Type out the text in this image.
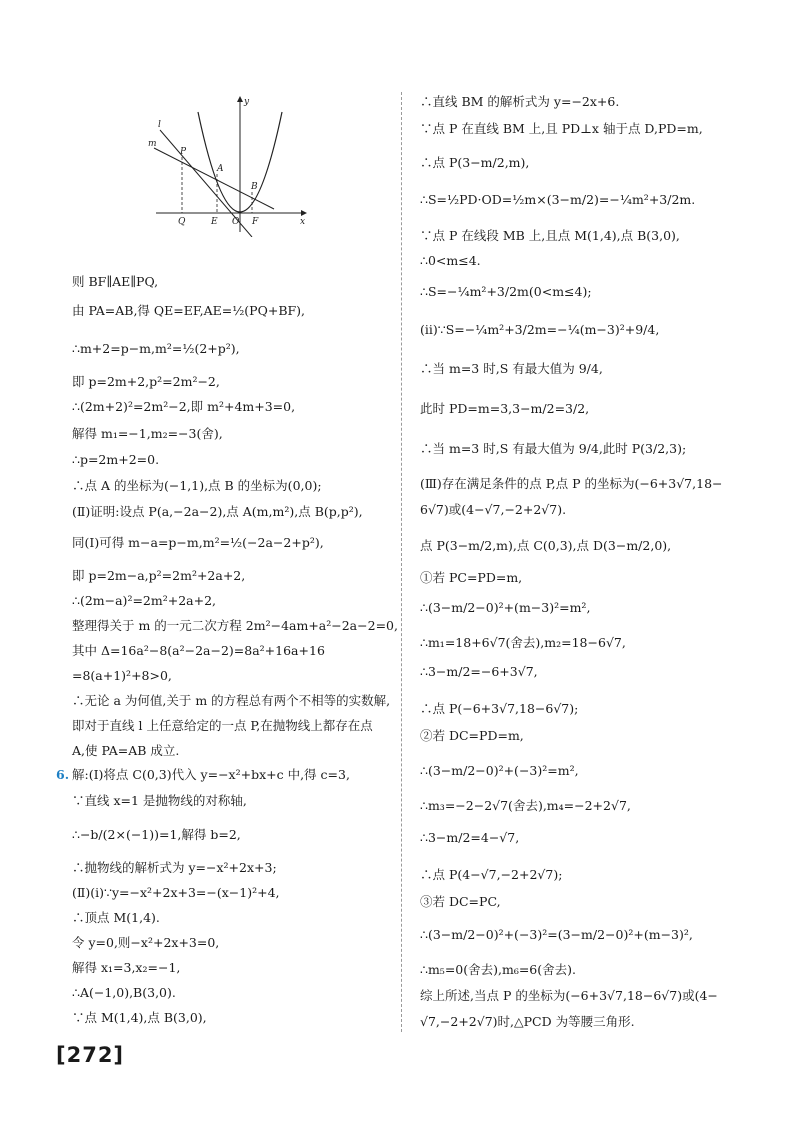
y
x
l
m
P
A
B
Q	E O F
则 BF∥AE∥PQ,
由 PA=AB,得 QE=EF,AE=½(PQ+BF),
∴m+2=p−m,m²=½(2+p²),
即 p=2m+2,p²=2m²−2,
∴(2m+2)²=2m²−2,即 m²+4m+3=0,
解得 m₁=−1,m₂=−3(舍),
∴p=2m+2=0.
∴点 A 的坐标为(−1,1),点 B 的坐标为(0,0);
(Ⅱ)证明:设点 P(a,−2a−2),点 A(m,m²),点 B(p,p²),
同(Ⅰ)可得 m−a=p−m,m²=½(−2a−2+p²),
即 p=2m−a,p²=2m²+2a+2,
∴(2m−a)²=2m²+2a+2,
整理得关于 m 的一元二次方程 2m²−4am+a²−2a−2=0,
其中 Δ=16a²−8(a²−2a−2)=8a²+16a+16
=8(a+1)²+8>0,
∴无论 a 为何值,关于 m 的方程总有两个不相等的实数解,
即对于直线 l 上任意给定的一点 P,在抛物线上都存在点
A,使 PA=AB 成立.
6. 解:(Ⅰ)将点 C(0,3)代入 y=−x²+bx+c 中,得 c=3,
∵直线 x=1 是抛物线的对称轴,
∴−b/(2×(−1))=1,解得 b=2,
∴抛物线的解析式为 y=−x²+2x+3;
(Ⅱ)(ⅰ)∵y=−x²+2x+3=−(x−1)²+4,
∴顶点 M(1,4).
令 y=0,则−x²+2x+3=0,
解得 x₁=3,x₂=−1,
∴A(−1,0),B(3,0).
∵点 M(1,4),点 B(3,0),
∴直线 BM 的解析式为 y=−2x+6.
∵点 P 在直线 BM 上,且 PD⊥x 轴于点 D,PD=m,
∴点 P(3−m/2,m),
∴S=½PD·OD=½m×(3−m/2)=−¼m²+3/2m.
∵点 P 在线段 MB 上,且点 M(1,4),点 B(3,0),
∴0<m≤4.
∴S=−¼m²+3/2m(0<m≤4);
(ⅱ)∵S=−¼m²+3/2m=−¼(m−3)²+9/4,
∴当 m=3 时,S 有最大值为 9/4,
此时 PD=m=3,3−m/2=3/2,
∴当 m=3 时,S 有最大值为 9/4,此时 P(3/2,3);
(Ⅲ)存在满足条件的点 P,点 P 的坐标为(−6+3√7,18−
6√7)或(4−√7,−2+2√7).
点 P(3−m/2,m),点 C(0,3),点 D(3−m/2,0),
①若 PC=PD=m,
∴(3−m/2−0)²+(m−3)²=m²,
∴m₁=18+6√7(舍去),m₂=18−6√7,
∴3−m/2=−6+3√7,
∴点 P(−6+3√7,18−6√7);
②若 DC=PD=m,
∴(3−m/2−0)²+(−3)²=m²,
∴m₃=−2−2√7(舍去),m₄=−2+2√7,
∴3−m/2=4−√7,
∴点 P(4−√7,−2+2√7);
③若 DC=PC,
∴(3−m/2−0)²+(−3)²=(3−m/2−0)²+(m−3)²,
∴m₅=0(舍去),m₆=6(舍去).
综上所述,当点 P 的坐标为(−6+3√7,18−6√7)或(4−
√7,−2+2√7)时,△PCD 为等腰三角形.
[272]
